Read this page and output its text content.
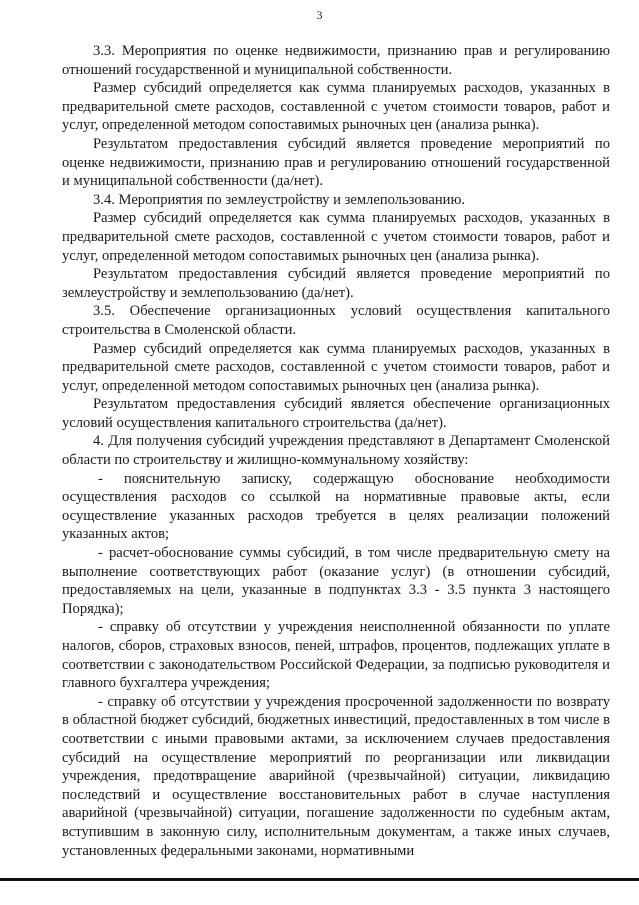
3

3.3. Мероприятия по оценке недвижимости, признанию прав и регулированию отношений государственной и муниципальной собственности.

Размер субсидий определяется как сумма планируемых расходов, указанных в предварительной смете расходов, составленной с учетом стоимости товаров, работ и услуг, определенной методом сопоставимых рыночных цен (анализа рынка).

Результатом предоставления субсидий является проведение мероприятий по оценке недвижимости, признанию прав и регулированию отношений государственной и муниципальной собственности (да/нет).

3.4. Мероприятия по землеустройству и землепользованию.

Размер субсидий определяется как сумма планируемых расходов, указанных в предварительной смете расходов, составленной с учетом стоимости товаров, работ и услуг, определенной методом сопоставимых рыночных цен (анализа рынка).

Результатом предоставления субсидий является проведение мероприятий по землеустройству и землепользованию (да/нет).

3.5. Обеспечение организационных условий осуществления капитального строительства в Смоленской области.

Размер субсидий определяется как сумма планируемых расходов, указанных в предварительной смете расходов, составленной с учетом стоимости товаров, работ и услуг, определенной методом сопоставимых рыночных цен (анализа рынка).

Результатом предоставления субсидий является обеспечение организационных условий осуществления капитального строительства (да/нет).

4. Для получения субсидий учреждения представляют в Департамент Смоленской области по строительству и жилищно-коммунальному хозяйству:

- пояснительную записку, содержащую обоснование необходимости осуществления расходов со ссылкой на нормативные правовые акты, если осуществление указанных расходов требуется в целях реализации положений указанных актов;

- расчет-обоснование суммы субсидий, в том числе предварительную смету на выполнение соответствующих работ (оказание услуг) (в отношении субсидий, предоставляемых на цели, указанные в подпунктах 3.3 - 3.5 пункта 3 настоящего Порядка);

- справку об отсутствии у учреждения неисполненной обязанности по уплате налогов, сборов, страховых взносов, пеней, штрафов, процентов, подлежащих уплате в соответствии с законодательством Российской Федерации, за подписью руководителя и главного бухгалтера учреждения;

- справку об отсутствии у учреждения просроченной задолженности по возврату в областной бюджет субсидий, бюджетных инвестиций, предоставленных в том числе в соответствии с иными правовыми актами, за исключением случаев предоставления субсидий на осуществление мероприятий по реорганизации или ликвидации учреждения, предотвращение аварийной (чрезвычайной) ситуации, ликвидацию последствий и осуществление восстановительных работ в случае наступления аварийной (чрезвычайной) ситуации, погашение задолженности по судебным актам, вступившим в законную силу, исполнительным документам, а также иных случаев, установленных федеральными законами, нормативными
